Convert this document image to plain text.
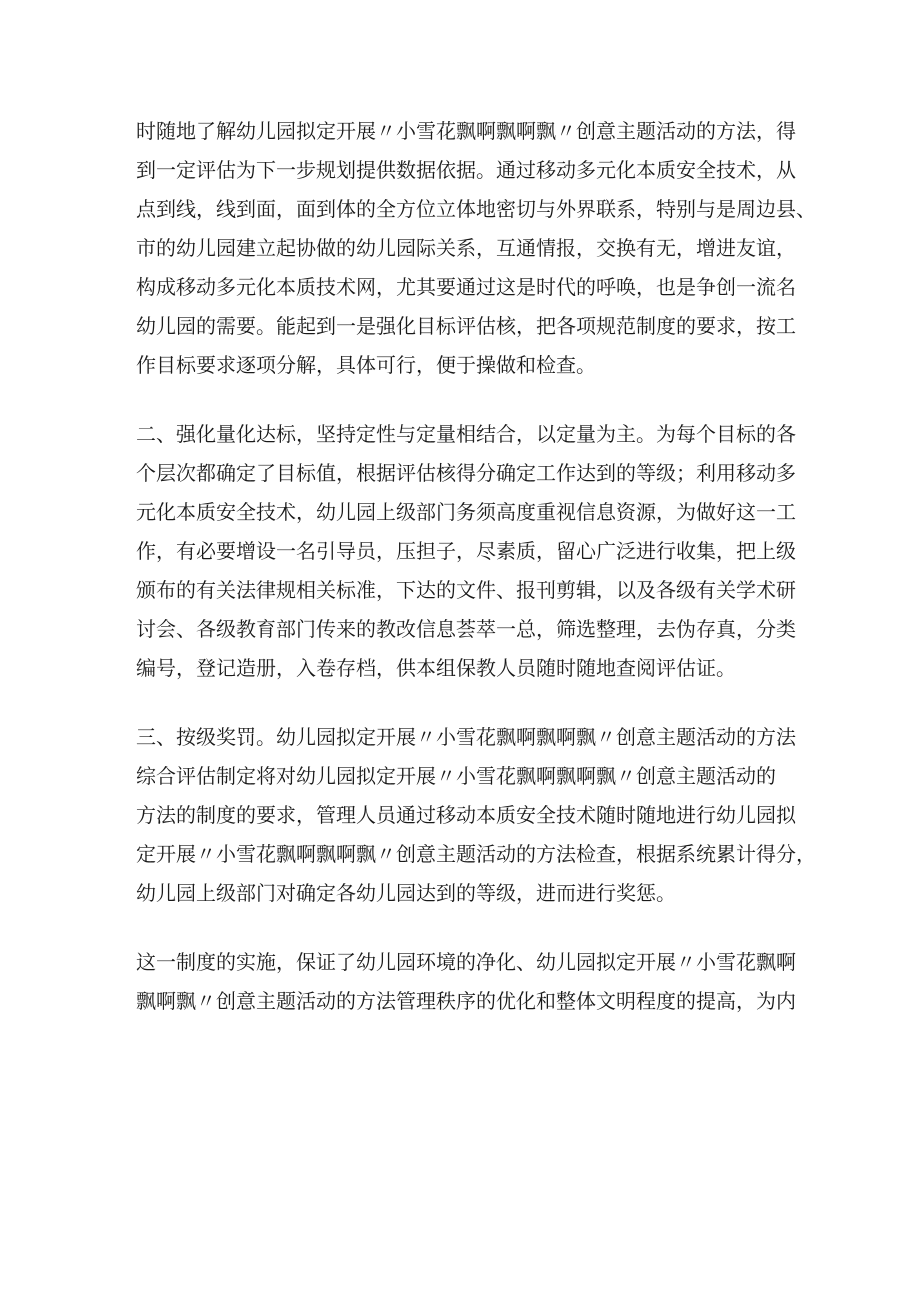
时随地了解幼儿园拟定开展〃小雪花飘啊飘啊飘〃创意主题活动的方法，得
到一定评估为下一步规划提供数据依据。通过移动多元化本质安全技术，从
点到线，线到面，面到体的全方位立体地密切与外界联系，特别与是周边县、
市的幼儿园建立起协做的幼儿园际关系，互通情报，交换有无，增进友谊，
构成移动多元化本质技术网，尤其要通过这是时代的呼唤，也是争创一流名
幼儿园的需要。能起到一是强化目标评估核，把各项规范制度的要求，按工
作目标要求逐项分解，具体可行，便于操做和检查。

二、强化量化达标，坚持定性与定量相结合，以定量为主。为每个目标的各
个层次都确定了目标值，根据评估核得分确定工作达到的等级；利用移动多
元化本质安全技术，幼儿园上级部门务须高度重视信息资源，为做好这一工
作，有必要增设一名引导员，压担子，尽素质，留心广泛进行收集，把上级
颁布的有关法律规相关标准，下达的文件、报刊剪辑，以及各级有关学术研
讨会、各级教育部门传来的教改信息荟萃一总，筛选整理，去伪存真，分类
编号，登记造册，入卷存档，供本组保教人员随时随地查阅评估证。

三、按级奖罚。幼儿园拟定开展〃小雪花飘啊飘啊飘〃创意主题活动的方法
综合评估制定将对幼儿园拟定开展〃小雪花飘啊飘啊飘〃创意主题活动的
方法的制度的要求，管理人员通过移动本质安全技术随时随地进行幼儿园拟
定开展〃小雪花飘啊飘啊飘〃创意主题活动的方法检查，根据系统累计得分，
幼儿园上级部门对确定各幼儿园达到的等级，进而进行奖惩。

这一制度的实施，保证了幼儿园环境的净化、幼儿园拟定开展〃小雪花飘啊
飘啊飘〃创意主题活动的方法管理秩序的优化和整体文明程度的提高，为内
